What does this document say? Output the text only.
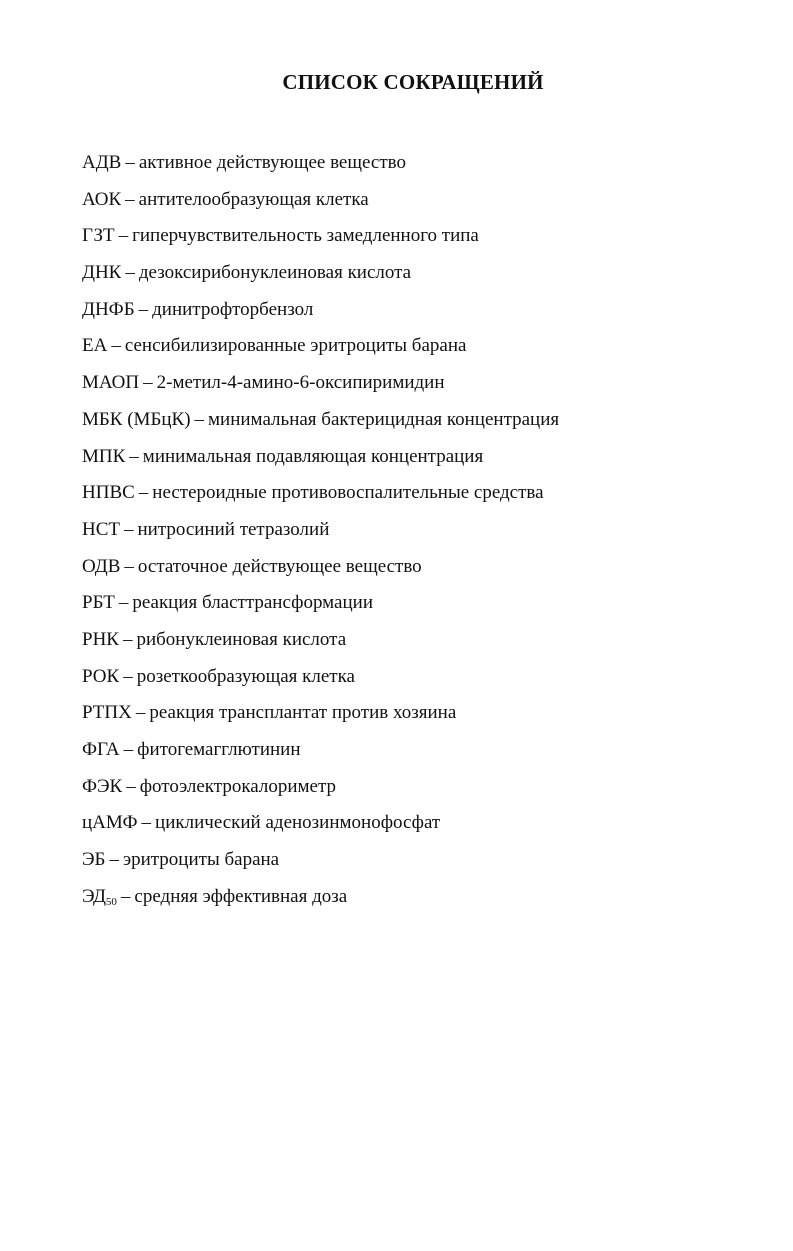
СПИСОК СОКРАЩЕНИЙ
АДВ – активное действующее вещество
АОК – антителообразующая клетка
ГЗТ – гиперчувствительность замедленного типа
ДНК – дезоксирибонуклеиновая кислота
ДНФБ – динитрофторбензол
ЕА – сенсибилизированные эритроциты барана
МАОП – 2-метил-4-амино-6-оксипиримидин
МБК (МБцК) – минимальная бактерицидная концентрация
МПК – минимальная подавляющая концентрация
НПВС – нестероидные противовоспалительные средства
НСТ – нитросиний тетразолий
ОДВ – остаточное действующее вещество
РБТ – реакция бласттрансформации
РНК – рибонуклеиновая кислота
РОК – розеткообразующая клетка
РТПХ – реакция трансплантат против хозяина
ФГА – фитогемагглютинин
ФЭК – фотоэлектрокалориметр
цАМФ – циклический аденозинмонофосфат
ЭБ – эритроциты барана
$ЭД_{50}$ – средняя эффективная доза
